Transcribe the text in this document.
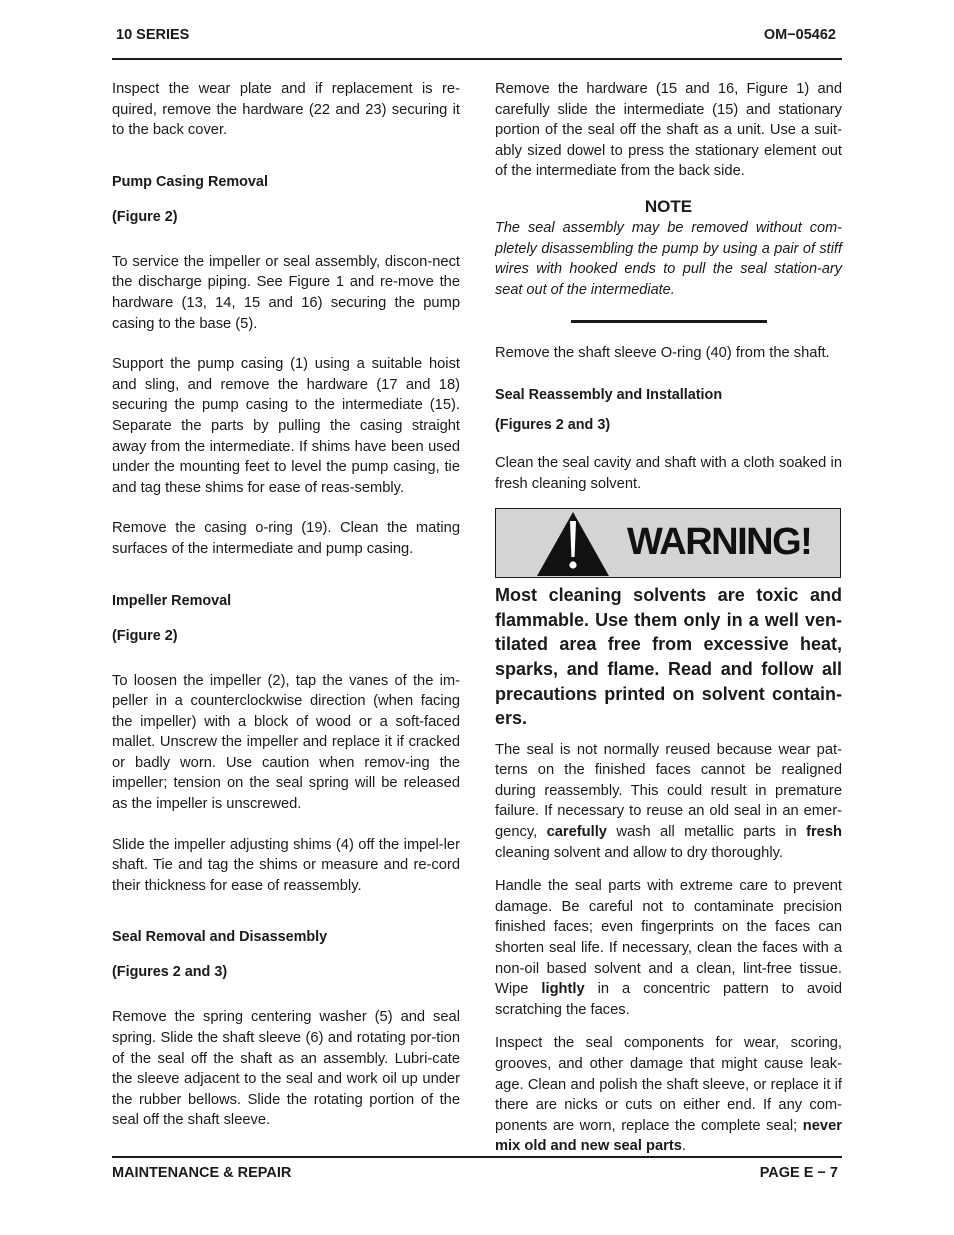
10 SERIES	OM−05462

Inspect the wear plate and if replacement is re-quired, remove the hardware (22 and 23) securing it to the back cover.

Pump Casing Removal
(Figure 2)

To service the impeller or seal assembly, discon-nect the discharge piping. See Figure 1 and re-move the hardware (13, 14, 15 and 16) securing the pump casing to the base (5).

Support the pump casing (1) using a suitable hoist and sling, and remove the hardware (17 and 18) securing the pump casing to the intermediate (15). Separate the parts by pulling the casing straight away from the intermediate. If shims have been used under the mounting feet to level the pump casing, tie and tag these shims for ease of reas-sembly.

Remove the casing o-ring (19). Clean the mating surfaces of the intermediate and pump casing.

Impeller Removal
(Figure 2)

To loosen the impeller (2), tap the vanes of the im-peller in a counterclockwise direction (when facing the impeller) with a block of wood or a soft-faced mallet. Unscrew the impeller and replace it if cracked or badly worn. Use caution when remov-ing the impeller; tension on the seal spring will be released as the impeller is unscrewed.

Slide the impeller adjusting shims (4) off the impel-ler shaft. Tie and tag the shims or measure and re-cord their thickness for ease of reassembly.

Seal Removal and Disassembly
(Figures 2 and 3)

Remove the spring centering washer (5) and seal spring. Slide the shaft sleeve (6) and rotating por-tion of the seal off the shaft as an assembly. Lubri-cate the sleeve adjacent to the seal and work oil up under the rubber bellows. Slide the rotating portion of the seal off the shaft sleeve.

Remove the hardware (15 and 16, Figure 1) and carefully slide the intermediate (15) and stationary portion of the seal off the shaft as a unit. Use a suit-ably sized dowel to press the stationary element out of the intermediate from the back side.

NOTE

The seal assembly may be removed without com-pletely disassembling the pump by using a pair of stiff wires with hooked ends to pull the seal station-ary seat out of the intermediate.

Remove the shaft sleeve O-ring (40) from the shaft.

Seal Reassembly and Installation
(Figures 2 and 3)

Clean the seal cavity and shaft with a cloth soaked in fresh cleaning solvent.

WARNING!

Most cleaning solvents are toxic and flammable. Use them only in a well ven-tilated area free from excessive heat, sparks, and flame. Read and follow all precautions printed on solvent contain-ers.

The seal is not normally reused because wear pat-terns on the finished faces cannot be realigned during reassembly. This could result in premature failure. If necessary to reuse an old seal in an emer-gency, carefully wash all metallic parts in fresh cleaning solvent and allow to dry thoroughly.

Handle the seal parts with extreme care to prevent damage. Be careful not to contaminate precision finished faces; even fingerprints on the faces can shorten seal life. If necessary, clean the faces with a non-oil based solvent and a clean, lint-free tissue. Wipe lightly in a concentric pattern to avoid scratching the faces.

Inspect the seal components for wear, scoring, grooves, and other damage that might cause leak-age. Clean and polish the shaft sleeve, or replace it if there are nicks or cuts on either end. If any com-ponents are worn, replace the complete seal; never mix old and new seal parts.

MAINTENANCE & REPAIR	PAGE E − 7
